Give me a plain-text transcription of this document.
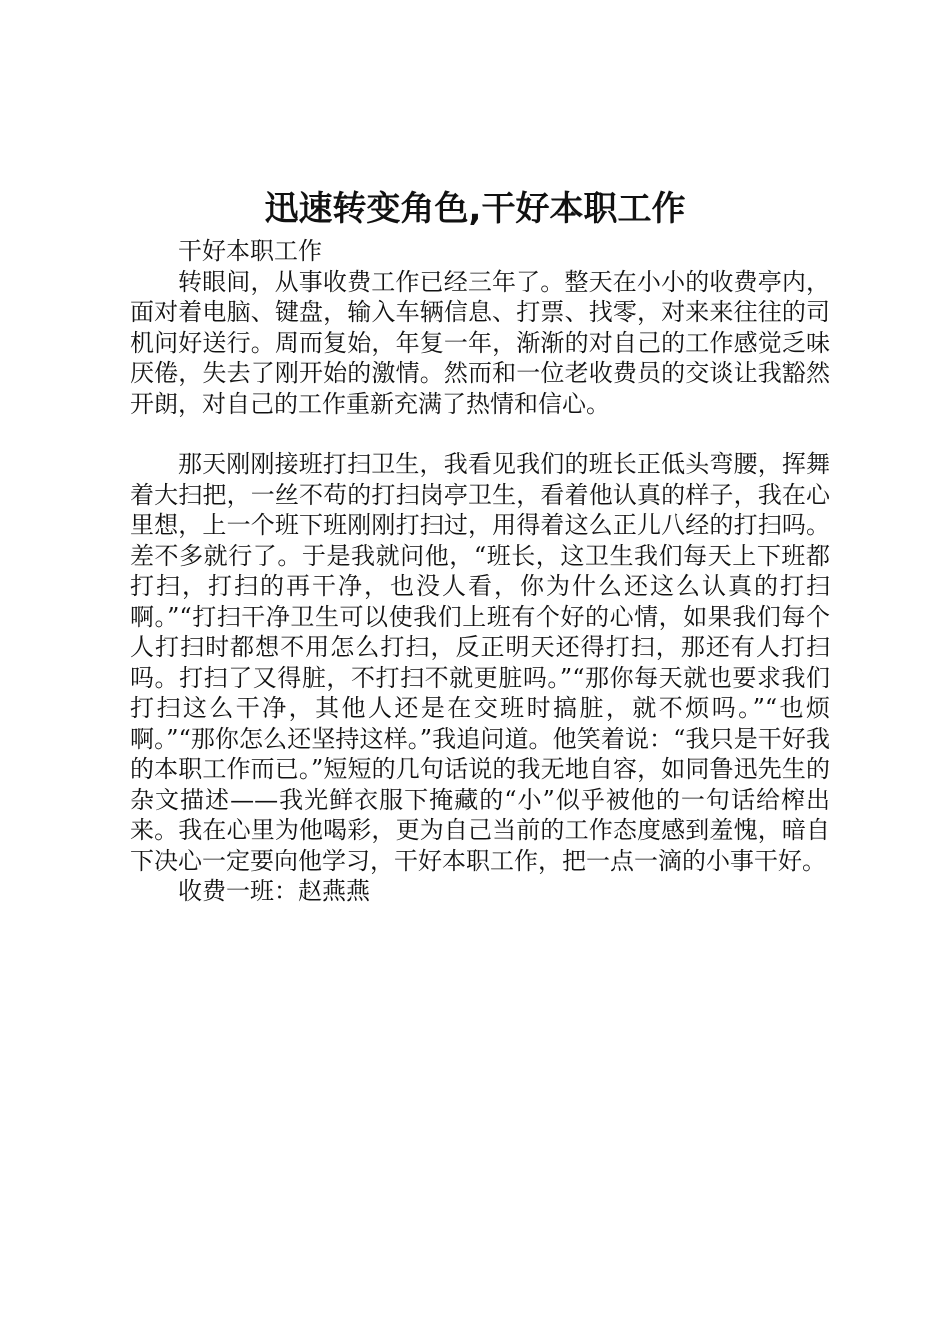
迅速转变角色,干好本职工作

干好本职工作

转眼间，从事收费工作已经三年了。整天在小小的收费亭内，面对着电脑、键盘，输入车辆信息、打票、找零，对来来往往的司机问好送行。周而复始，年复一年，渐渐的对自己的工作感觉乏味厌倦，失去了刚开始的激情。然而和一位老收费员的交谈让我豁然开朗，对自己的工作重新充满了热情和信心。

那天刚刚接班打扫卫生，我看见我们的班长正低头弯腰，挥舞着大扫把，一丝不苟的打扫岗亭卫生，看着他认真的样子，我在心里想，上一个班下班刚刚打扫过，用得着这么正儿八经的打扫吗。差不多就行了。于是我就问他，“班长，这卫生我们每天上下班都打扫，打扫的再干净，也没人看，你为什么还这么认真的打扫啊。”“打扫干净卫生可以使我们上班有个好的心情，如果我们每个人打扫时都想不用怎么打扫，反正明天还得打扫，那还有人打扫吗。打扫了又得脏，不打扫不就更脏吗。”“那你每天就也要求我们打扫这么干净，其他人还是在交班时搞脏，就不烦吗。”“也烦啊。”“那你怎么还坚持这样。”我追问道。他笑着说：“我只是干好我的本职工作而已。”短短的几句话说的我无地自容，如同鲁迅先生的杂文描述——我光鲜衣服下掩藏的“小”似乎被他的一句话给榨出来。我在心里为他喝彩，更为自己当前的工作态度感到羞愧，暗自下决心一定要向他学习，干好本职工作，把一点一滴的小事干好。

收费一班：赵燕燕
